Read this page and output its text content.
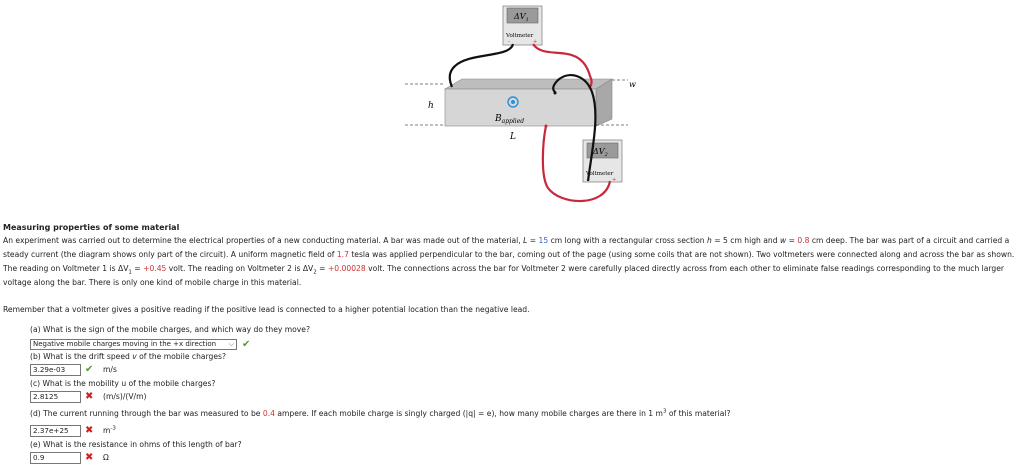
h
w
$B_{applied}$
L
$\Delta V_1$
Voltmeter
-	+
$\Delta V_2$
Voltmeter
-	+
Measuring properties of some material
An experiment was carried out to determine the electrical properties of a new conducting material. A bar was made out of the material, L = 15 cm long with a rectangular cross section h = 5 cm high and w = 0.8 cm deep. The bar was part of a circuit and carried a steady current (the diagram shows only part of the circuit). A uniform magnetic field of 1.7 tesla was applied perpendicular to the bar, coming out of the page (using some coils that are not shown). Two voltmeters were connected along and across the bar as shown. The reading on Voltmeter 1 is $\Delta V_1 = +0.45$ volt. The reading on Voltmeter 2 is $\Delta V_2 = +0.00028$ volt. The connections across the bar for Voltmeter 2 were carefully placed directly across from each other to eliminate false readings corresponding to the much larger voltage along the bar. There is only one kind of mobile charge in this material.
Remember that a voltmeter gives a positive reading if the positive lead is connected to a higher potential location than the negative lead.
(a) What is the sign of the mobile charges, and which way do they move?
Negative mobile charges moving in the +x direction ⌵ ✔
(b) What is the drift speed v of the mobile charges?
3.29e-03	✔ m/s
(c) What is the mobility u of the mobile charges?
2.8125	✖ (m/s)/(V/m)
(d) The current running through the bar was measured to be 0.4 ampere. If each mobile charge is singly charged (|q| = e), how many mobile charges are there in 1 $m^3$ of this material?
2.37e+25	✖ $m^{-3}$
(e) What is the resistance in ohms of this length of bar?
0.9	✖ Ω
